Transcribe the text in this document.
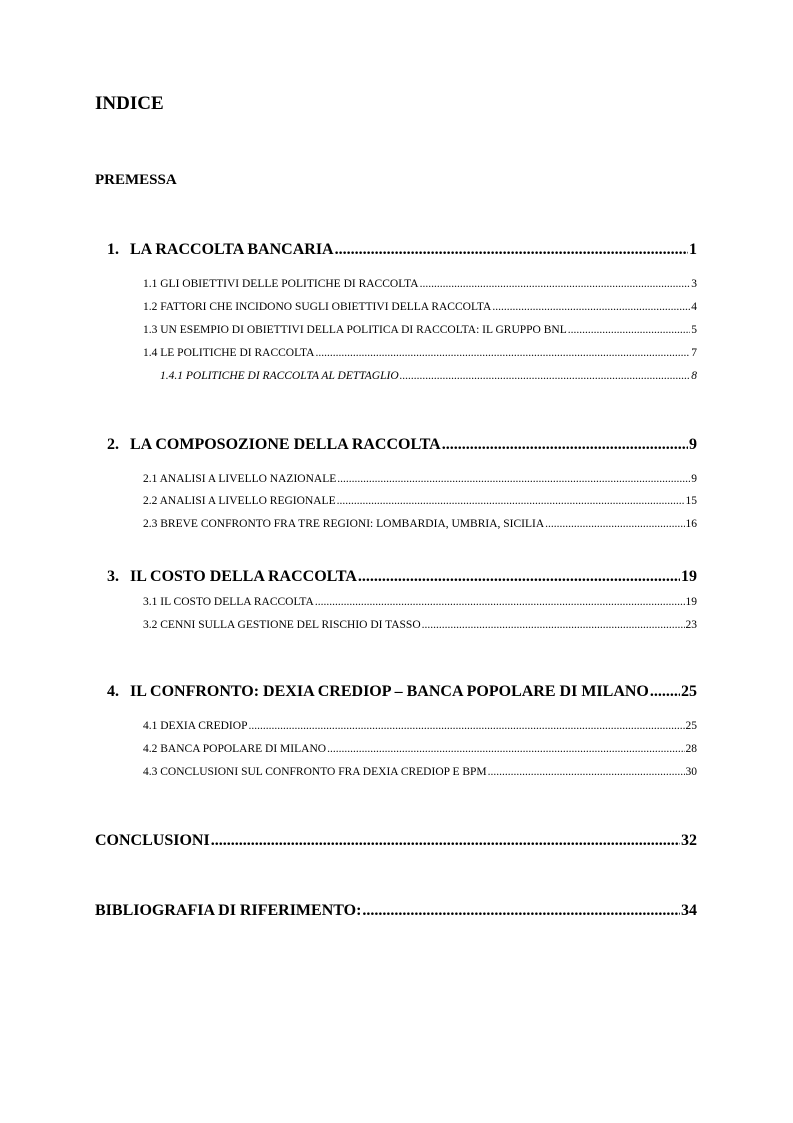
INDICE
PREMESSA
1. LA RACCOLTA BANCARIA .....	1
1.1 GLI OBIETTIVI DELLE POLITICHE DI RACCOLTA .....	3
1.2 FATTORI CHE INCIDONO SUGLI OBIETTIVI DELLA RACCOLTA .....	4
1.3 UN ESEMPIO DI OBIETTIVI DELLA POLITICA DI RACCOLTA: IL GRUPPO BNL .....	5
1.4 LE POLITICHE DI RACCOLTA .....	7
1.4.1 POLITICHE DI RACCOLTA AL DETTAGLIO .....	8
2. LA COMPOSOZIONE DELLA RACCOLTA .....	9
2.1 ANALISI A LIVELLO NAZIONALE .....	9
2.2 ANALISI A LIVELLO REGIONALE .....	15
2.3 BREVE CONFRONTO FRA TRE REGIONI: LOMBARDIA, UMBRIA, SICILIA .....	16
3. IL COSTO DELLA RACCOLTA .....	19
3.1 IL COSTO DELLA RACCOLTA .....	19
3.2 CENNI SULLA GESTIONE DEL RISCHIO DI TASSO .....	23
4. IL CONFRONTO: DEXIA CREDIOP – BANCA POPOLARE DI MILANO ..... 25
4.1 DEXIA CREDIOP .....	25
4.2 BANCA POPOLARE DI MILANO .....	28
4.3 CONCLUSIONI SUL CONFRONTO FRA DEXIA CREDIOP E BPM .....	30
CONCLUSIONI .....	32
BIBLIOGRAFIA DI RIFERIMENTO: .....	34
